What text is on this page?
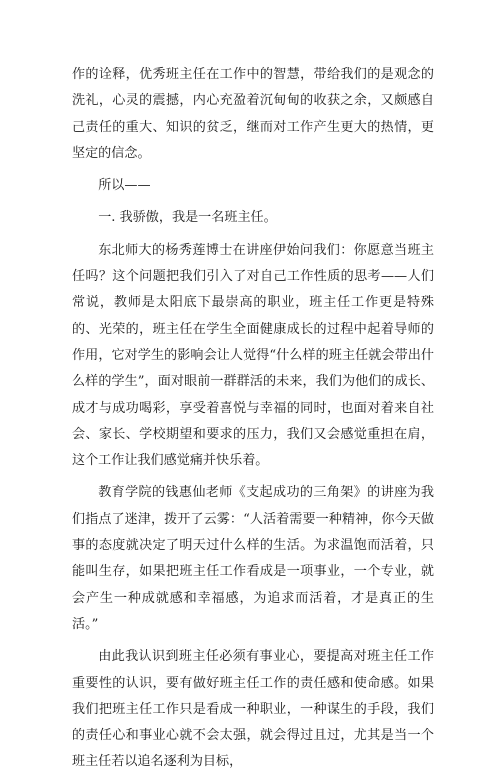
作的诠释，优秀班主任在工作中的智慧，带给我们的是观念的洗礼，心灵的震撼，内心充盈着沉甸甸的收获之余，又颇感自己责任的重大、知识的贫乏，继而对工作产生更大的热情，更坚定的信念。

所以——

一. 我骄傲，我是一名班主任。

东北师大的杨秀莲博士在讲座伊始问我们：你愿意当班主任吗？这个问题把我们引入了对自己工作性质的思考——人们常说，教师是太阳底下最崇高的职业，班主任工作更是特殊的、光荣的，班主任在学生全面健康成长的过程中起着导师的作用，它对学生的影响会让人觉得“什么样的班主任就会带出什么样的学生”，面对眼前一群群活的未来，我们为他们的成长、成才与成功喝彩，享受着喜悦与幸福的同时，也面对着来自社会、家长、学校期望和要求的压力，我们又会感觉重担在肩，这个工作让我们感觉痛并快乐着。

教育学院的钱惠仙老师《支起成功的三角架》的讲座为我们指点了迷津，拨开了云雾：“人活着需要一种精神，你今天做事的态度就决定了明天过什么样的生活。为求温饱而活着，只能叫生存，如果把班主任工作看成是一项事业，一个专业，就会产生一种成就感和幸福感，为追求而活着，才是真正的生活。”

由此我认识到班主任必须有事业心，要提高对班主任工作重要性的认识，要有做好班主任工作的责任感和使命感。如果我们把班主任工作只是看成一种职业，一种谋生的手段，我们的责任心和事业心就不会太强，就会得过且过，尤其是当一个班主任若以追名逐利为目标，
